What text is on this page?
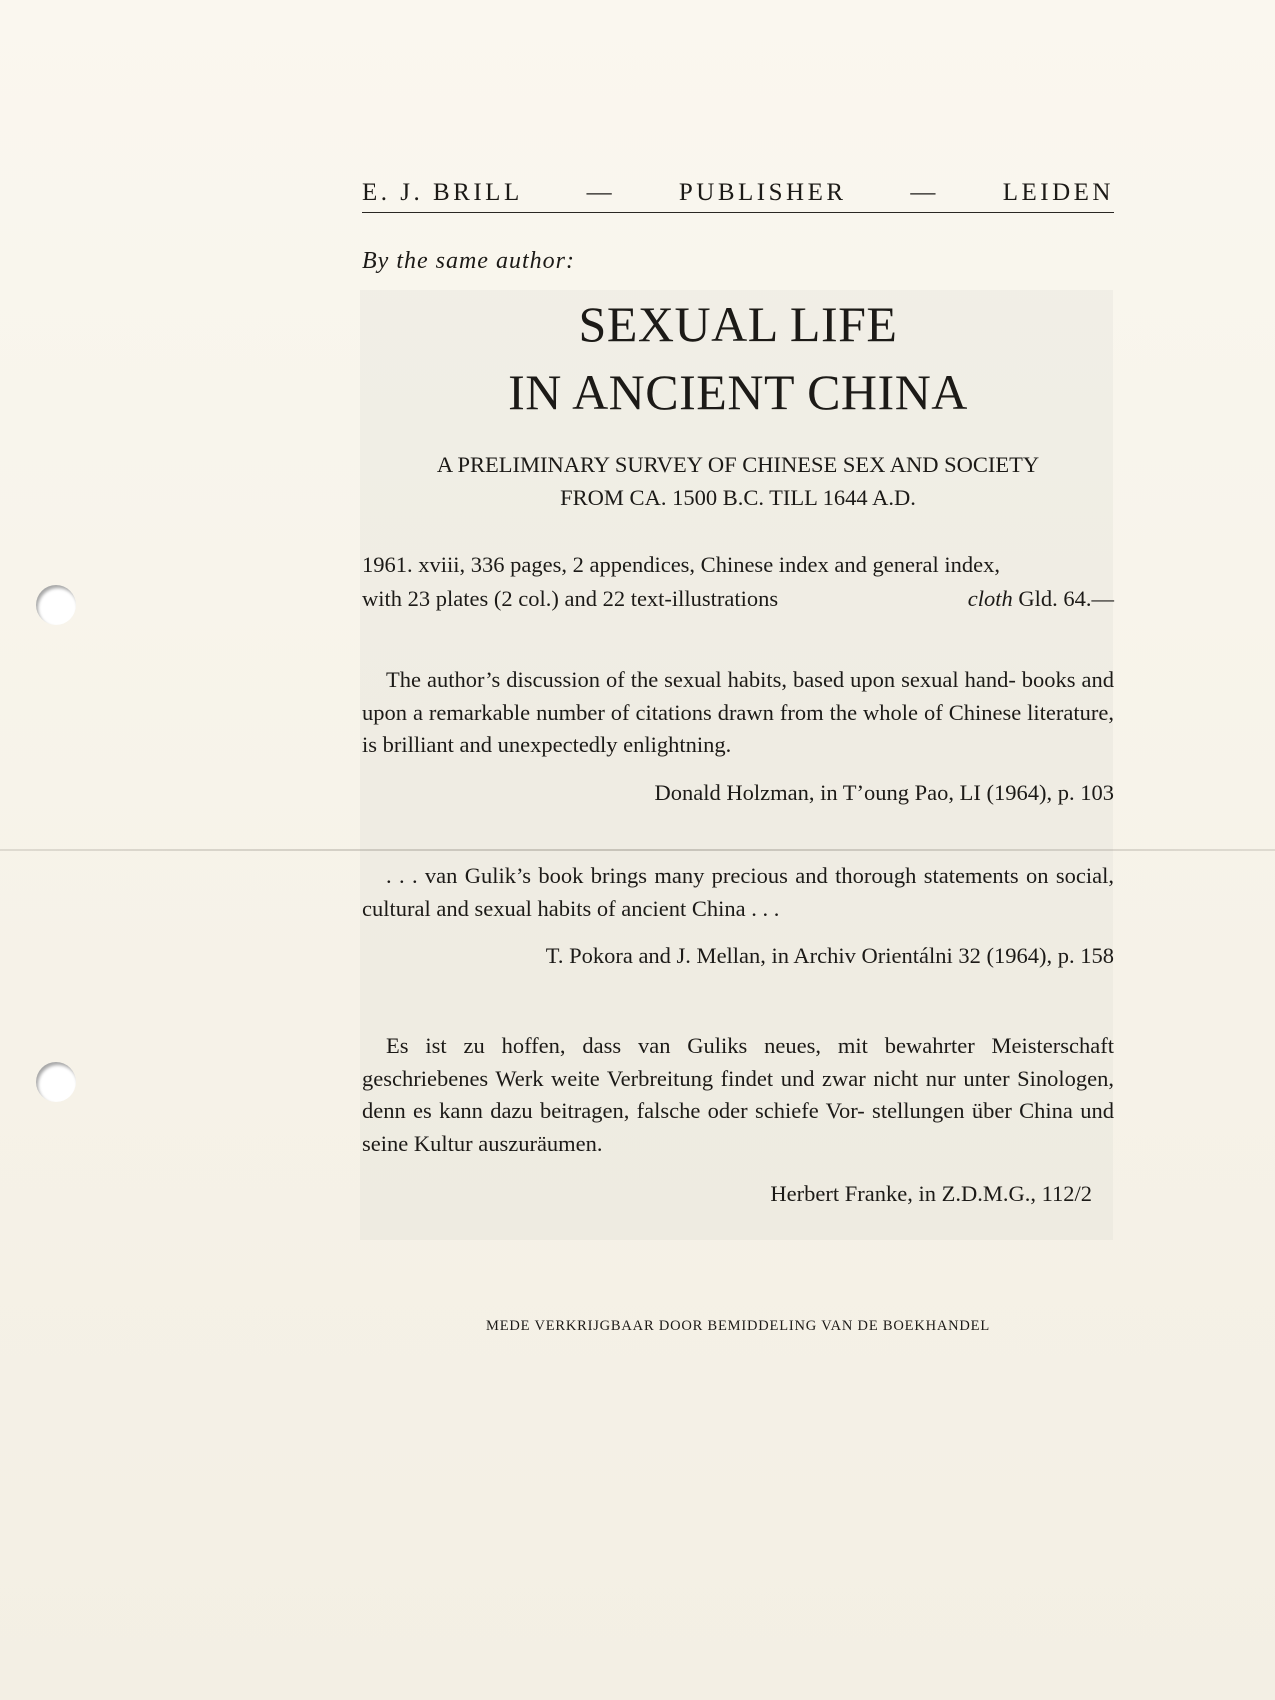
E. J. BRILL	—	PUBLISHER	—	LEIDEN
By the same author:
SEXUAL LIFE
IN ANCIENT CHINA
A PRELIMINARY SURVEY OF CHINESE SEX AND SOCIETY
FROM CA. 1500 B.C. TILL 1644 A.D.
1961. xviii, 336 pages, 2 appendices, Chinese index and general index,
with 23 plates (2 col.) and 22 text-illustrations	cloth Gld. 64.—
The author’s discussion of the sexual habits, based upon sexual hand- books and upon a remarkable number of citations drawn from the whole of Chinese literature, is brilliant and unexpectedly enlightning.
Donald Holzman, in T’oung Pao, LI (1964), p. 103
. . . van Gulik’s book brings many precious and thorough statements on social, cultural and sexual habits of ancient China . . .
T. Pokora and J. Mellan, in Archiv Orientálni 32 (1964), p. 158
Es ist zu hoffen, dass van Guliks neues, mit bewahrter Meisterschaft geschriebenes Werk weite Verbreitung findet und zwar nicht nur unter Sinologen, denn es kann dazu beitragen, falsche oder schiefe Vor- stellungen über China und seine Kultur auszuräumen.
Herbert Franke, in Z.D.M.G., 112/2
MEDE VERKRIJGBAAR DOOR BEMIDDELING VAN DE BOEKHANDEL
